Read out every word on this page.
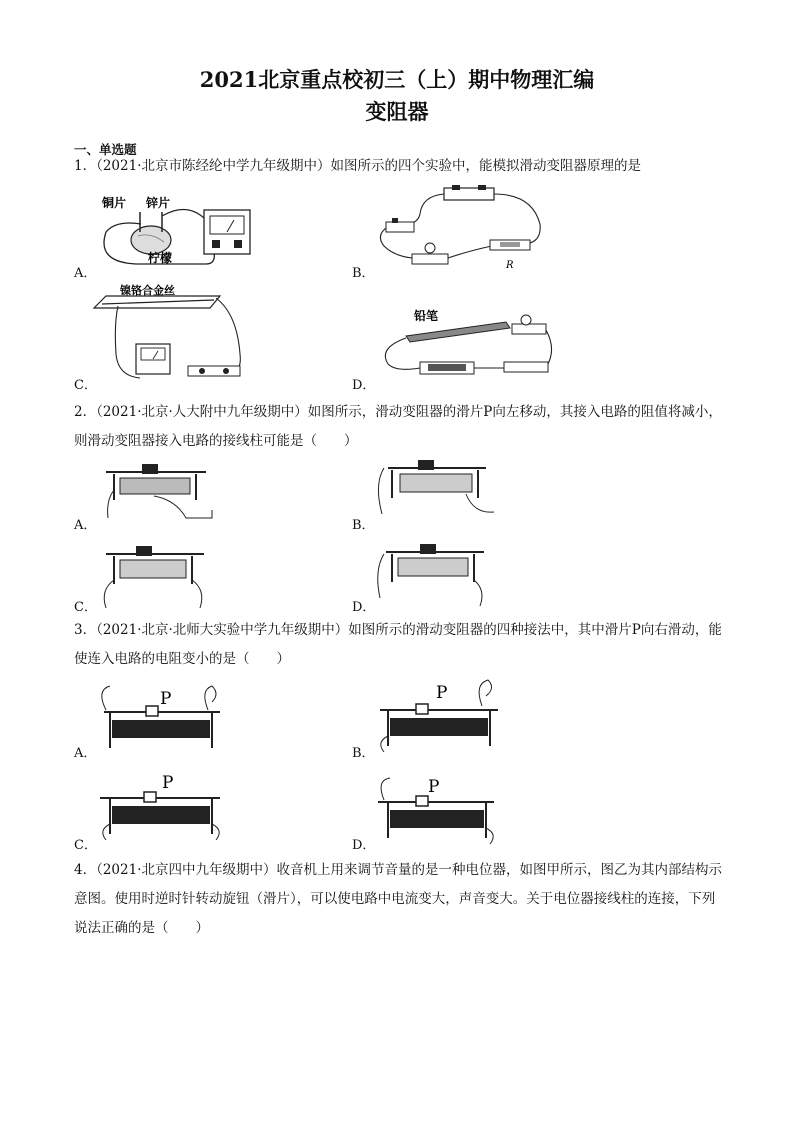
2021北京重点校初三（上）期中物理汇编
变阻器
一、单选题
1．（2021·北京市陈经纶中学九年级期中）如图所示的四个实验中，能模拟滑动变阻器原理的是
A．
铜片 锌片
柠檬
B．
R
C．
镍铬合金丝
D．
铅笔
2．（2021·北京·人大附中九年级期中）如图所示，滑动变阻器的滑片P向左移动，其接入电路的阻值将减小，则滑动变阻器接入电路的接线柱可能是（　　）
A．	B．
C．	D．
3．（2021·北京·北师大实验中学九年级期中）如图所示的滑动变阻器的四种接法中，其中滑片P向右滑动，能使连入电路的电阻变小的是（　　）
A．
P
B．
P
C．
P
D．
P
4．（2021·北京四中九年级期中）收音机上用来调节音量的是一种电位器，如图甲所示，图乙为其内部结构示意图。使用时逆时针转动旋钮（滑片），可以使电路中电流变大，声音变大。关于电位器接线柱的连接，下列说法正确的是（　　）
